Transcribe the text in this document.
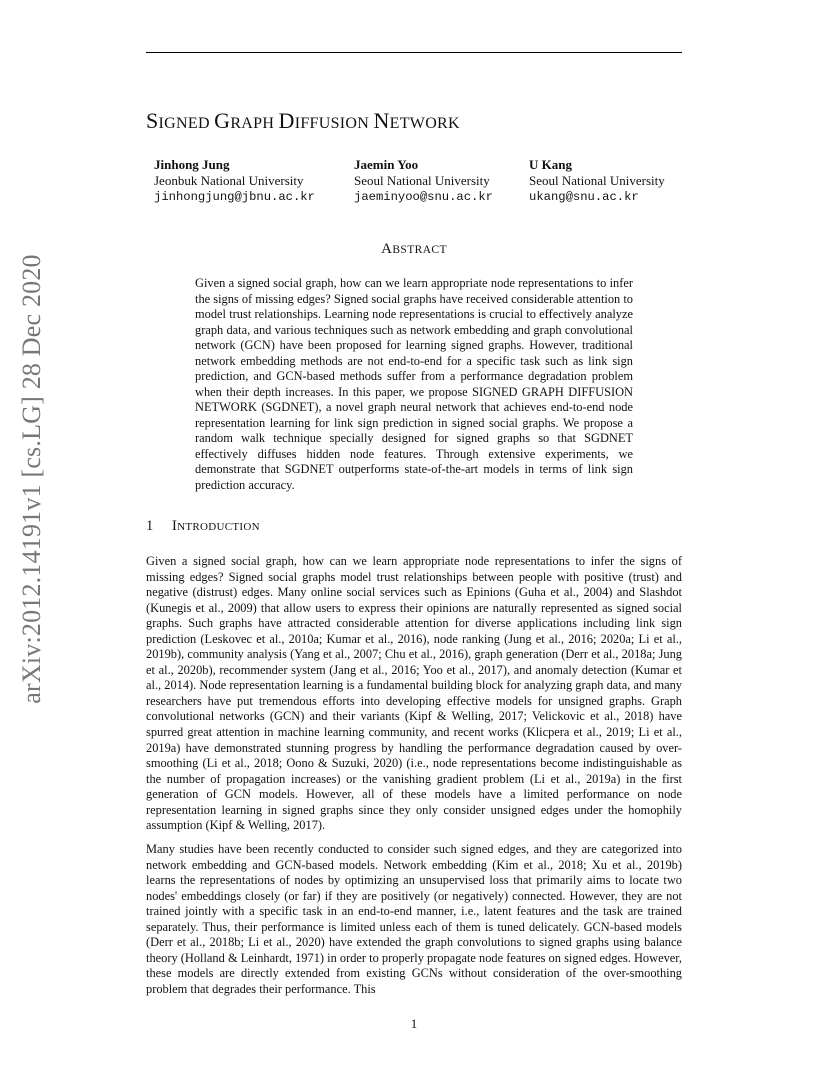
SIGNED GRAPH DIFFUSION NETWORK
Jinhong Jung
Jeonbuk National University
jinhongjung@jbnu.ac.kr
Jaemin Yoo
Seoul National University
jaeminyoo@snu.ac.kr
U Kang
Seoul National University
ukang@snu.ac.kr
ABSTRACT

Given a signed social graph, how can we learn appropriate node representations to infer the signs of missing edges? Signed social graphs have received considerable attention to model trust relationships. Learning node representations is crucial to effectively analyze graph data, and various techniques such as network embedding and graph convolutional network (GCN) have been proposed for learning signed graphs. However, traditional network embedding methods are not end-to-end for a specific task such as link sign prediction, and GCN-based methods suffer from a performance degradation problem when their depth increases. In this paper, we propose SIGNED GRAPH DIFFUSION NETWORK (SGDNET), a novel graph neural network that achieves end-to-end node representation learning for link sign prediction in signed social graphs. We propose a random walk technique specially designed for signed graphs so that SGDNET effectively diffuses hidden node features. Through extensive experiments, we demonstrate that SGDNET outperforms state-of-the-art models in terms of link sign prediction accuracy.

1 INTRODUCTION

Given a signed social graph, how can we learn appropriate node representations to infer the signs of missing edges? Signed social graphs model trust relationships between people with positive (trust) and negative (distrust) edges. Many online social services such as Epinions (Guha et al., 2004) and Slashdot (Kunegis et al., 2009) that allow users to express their opinions are naturally represented as signed social graphs. Such graphs have attracted considerable attention for diverse applications including link sign prediction (Leskovec et al., 2010a; Kumar et al., 2016), node ranking (Jung et al., 2016; 2020a; Li et al., 2019b), community analysis (Yang et al., 2007; Chu et al., 2016), graph generation (Derr et al., 2018a; Jung et al., 2020b), recommender system (Jang et al., 2016; Yoo et al., 2017), and anomaly detection (Kumar et al., 2014). Node representation learning is a fundamental building block for analyzing graph data, and many researchers have put tremendous efforts into developing effective models for unsigned graphs. Graph convolutional networks (GCN) and their variants (Kipf & Welling, 2017; Velickovic et al., 2018) have spurred great attention in machine learning community, and recent works (Klicpera et al., 2019; Li et al., 2019a) have demonstrated stunning progress by handling the performance degradation caused by over-smoothing (Li et al., 2018; Oono & Suzuki, 2020) (i.e., node representations become indistinguishable as the number of propagation increases) or the vanishing gradient problem (Li et al., 2019a) in the first generation of GCN models. However, all of these models have a limited performance on node representation learning in signed graphs since they only consider unsigned edges under the homophily assumption (Kipf & Welling, 2017).

Many studies have been recently conducted to consider such signed edges, and they are categorized into network embedding and GCN-based models. Network embedding (Kim et al., 2018; Xu et al., 2019b) learns the representations of nodes by optimizing an unsupervised loss that primarily aims to locate two nodes' embeddings closely (or far) if they are positively (or negatively) connected. However, they are not trained jointly with a specific task in an end-to-end manner, i.e., latent features and the task are trained separately. Thus, their performance is limited unless each of them is tuned delicately. GCN-based models (Derr et al., 2018b; Li et al., 2020) have extended the graph convolutions to signed graphs using balance theory (Holland & Leinhardt, 1971) in order to properly propagate node features on signed edges. However, these models are directly extended from existing GCNs without consideration of the over-smoothing problem that degrades their performance. This

1
arXiv:2012.14191v1 [cs.LG] 28 Dec 2020
